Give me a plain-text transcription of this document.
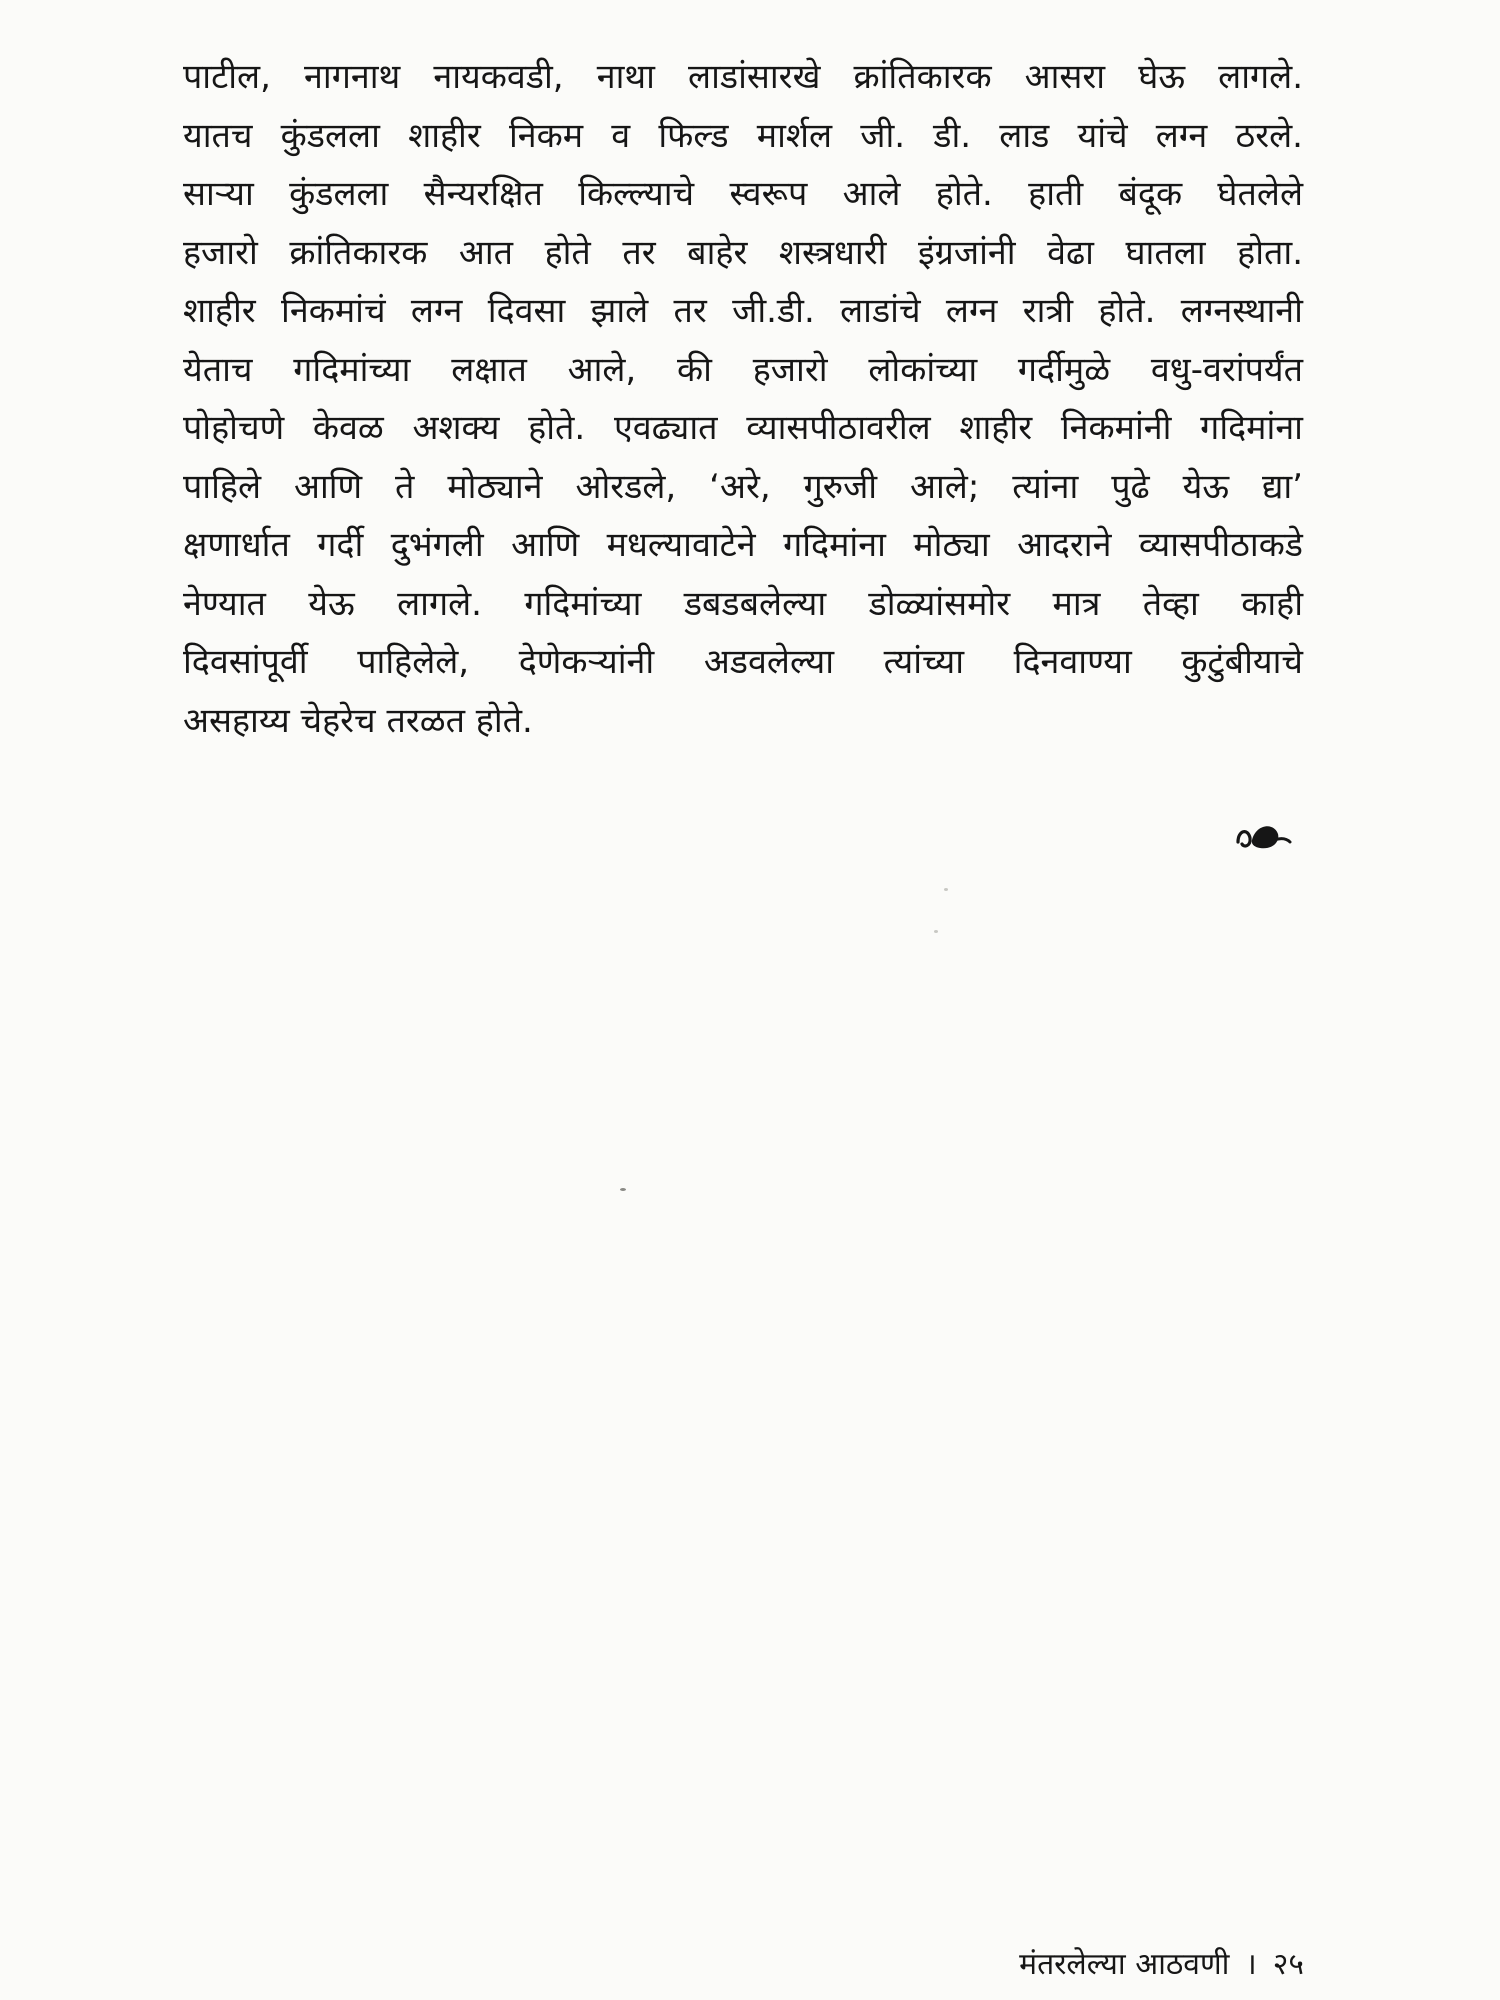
पाटील, नागनाथ नायकवडी, नाथा लाडांसारखे क्रांतिकारक आसरा घेऊ लागले.
यातच कुंडलला शाहीर निकम व फिल्ड मार्शल जी. डी. लाड यांचे लग्न ठरले.
साऱ्या कुंडलला सैन्यरक्षित किल्ल्याचे स्वरूप आले होते. हाती बंदूक घेतलेले
हजारो क्रांतिकारक आत होते तर बाहेर शस्त्रधारी इंग्रजांनी वेढा घातला होता.
शाहीर निकमांचं लग्न दिवसा झाले तर जी.डी. लाडांचे लग्न रात्री होते. लग्नस्थानी
येताच गदिमांच्या लक्षात आले, की हजारो लोकांच्या गर्दीमुळे वधु-वरांपर्यंत
पोहोचणे केवळ अशक्य होते. एवढ्यात व्यासपीठावरील शाहीर निकमांनी गदिमांना
पाहिले आणि ते मोठ्याने ओरडले, ‘अरे, गुरुजी आले; त्यांना पुढे येऊ द्या’
क्षणार्धात गर्दी दुभंगली आणि मधल्यावाटेने गदिमांना मोठ्या आदराने व्यासपीठाकडे
नेण्यात येऊ लागले. गदिमांच्या डबडबलेल्या डोळ्यांसमोर मात्र तेव्हा काही
दिवसांपूर्वी पाहिलेले, देणेकऱ्यांनी अडवलेल्या त्यांच्या दिनवाण्या कुटुंबीयाचे
असहाय्य चेहरेच तरळत होते.
मंतरलेल्या आठवणी । २५
